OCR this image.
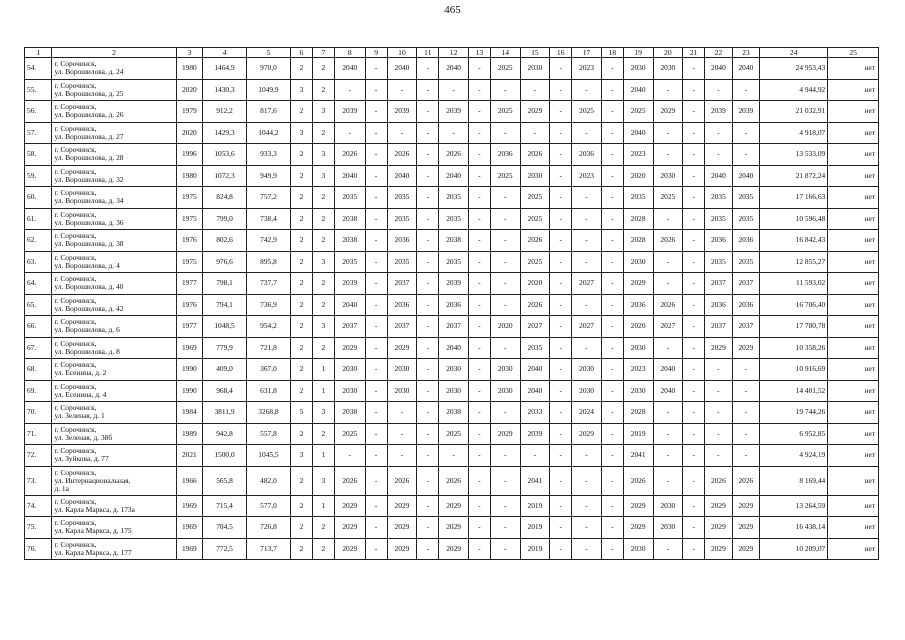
465
1	2	3	4	5	6	7	8	9	10	11	12	13	14	15	16	17	18	19	20	21	22	23	24	25
54.	г. Сорочинск,
ул. Ворошилова, д. 24	1980	1464,9	970,0	2	2	2040	-	2040	-	2040	-	2025	2030	-	2023	-	2030	2030	-	2040	2040	24 953,43	нет
55.	г. Сорочинск,
ул. Ворошилова, д. 25	2020	1430,3	1049,9	3	2	-	-	-	-	-	-	-	-	-	-	-	2040	-	-	-	-	4 944,92	нет
56.	г. Сорочинск,
ул. Ворошилова, д. 26	1979	912,2	817,6	2	3	2039	-	2039	-	2039	-	2025	2029	-	2025	-	2025	2029	-	2039	2039	21 032,91	нет
57.	г. Сорочинск,
ул. Ворошилова, д. 27	2020	1429,3	1044,2	3	2	-	-	-	-	-	-	-	-	-	-	-	2040	-	-	-	-	4 918,07	нет
58.	г. Сорочинск,
ул. Ворошилова, д. 28	1996	1053,6	933,3	2	3	2026	-	2026	-	2026	-	2036	2026	-	2036	-	2023	-	-	-	-	13 533,09	нет
59.	г. Сорочинск,
ул. Ворошилова, д. 32	1980	1072,3	949,9	2	3	2040	-	2040	-	2040	-	2025	2030	-	2023	-	2020	2030	-	2040	2040	21 872,24	нет
60.	г. Сорочинск,
ул. Ворошилова, д. 34	1975	824,8	757,2	2	2	2035	-	2035	-	2035	-	-	2025	-	-	-	2035	2025	-	2035	2035	17 166,63	нет
61.	г. Сорочинск,
ул. Ворошилова, д. 36	1975	799,0	738,4	2	2	2038	-	2035	-	2035	-	-	2025	-	-	-	2028	-	-	2035	2035	10 596,48	нет
62.	г. Сорочинск,
ул. Ворошилова, д. 38	1976	802,6	742,9	2	2	2038	-	2036	-	2038	-	-	2026	-	-	-	2028	2026	-	2036	2036	16 842,43	нет
63.	г. Сорочинск,
ул. Ворошилова, д. 4	1975	976,6	895,8	2	3	2035	-	2035	-	2035	-	-	2025	-	-	-	2030	-	-	2035	2035	12 855,27	нет
64.	г. Сорочинск,
ул. Ворошилова, д. 40	1977	798,1	737,7	2	2	2039	-	2037	-	2039	-	-	2020	-	2027	-	2029	-	-	2037	2037	11 593,02	нет
65.	г. Сорочинск,
ул. Ворошилова, д. 42	1976	794,1	736,9	2	2	2040	-	2036	-	2036	-	-	2026	-	-	-	2036	2026	-	2036	2036	16 706,40	нет
66.	г. Сорочинск,
ул. Ворошилова, д. 6	1977	1048,5	954,2	2	3	2037	-	2037	-	2037	-	2020	2027	-	2027	-	2020	2027	-	2037	2037	17 780,78	нет
67.	г. Сорочинск,
ул. Ворошилова, д. 8	1969	779,9	721,8	2	2	2029	-	2029	-	2040	-	-	2035	-	-	-	2030	-	-	2029	2029	10 358,26	нет
68.	г. Сорочинск,
ул. Есенина, д. 2	1990	409,0	367,0	2	1	2030	-	2030	-	2030	-	2030	2040	-	2030	-	2023	2040	-	-	-	10 916,69	нет
69.	г. Сорочинск,
ул. Есенина, д. 4	1990	968,4	631,8	2	1	2030	-	2030	-	2030	-	2030	2040	-	2030	-	2030	2040	-	-	-	14 401,52	нет
70.	г. Сорочинск,
ул. Зеленая, д. 1	1984	3811,9	3268,8	5	3	2038	-	-	-	2038	-	-	2033	-	2024	-	2028	-	-	-	-	19 744,26	нет
71.	г. Сорочинск,
ул. Зеленая, д. 38б	1989	942,8	557,8	2	2	2025	-	-	-	2025	-	2029	2039	-	2029	-	2019	-	-	-	-	6 952,85	нет
72.	г. Сорочинск,
ул. Зуйкова, д. 77	2021	1500,0	1045,5	3	1	-	-	-	-	-	-	-	-	-	-	-	2041	-	-	-	-	4 924,19	нет
73.	г. Сорочинск,
ул. Интернациональная,
д. 1а	1966	565,8	482,0	2	3	2026	-	2026	-	2026	-	-	2041	-	-	-	2026	-	-	2026	2026	8 169,44	нет
74.	г. Сорочинск,
ул. Карла Маркса, д. 173а	1969	715,4	577,0	2	1	2029	-	2029	-	2029	-	-	2019	-	-	-	2029	2030	-	2029	2029	13 264,59	нет
75.	г. Сорочинск,
ул. Карла Маркса, д. 175	1969	784,5	726,8	2	2	2029	-	2029	-	2029	-	-	2019	-	-	-	2029	2030	-	2029	2029	16 438,14	нет
76.	г. Сорочинск,
ул. Карла Маркса, д. 177	1969	772,5	713,7	2	2	2029	-	2029	-	2029	-	-	2019	-	-	-	2030	-	-	2029	2029	10 209,07	нет
